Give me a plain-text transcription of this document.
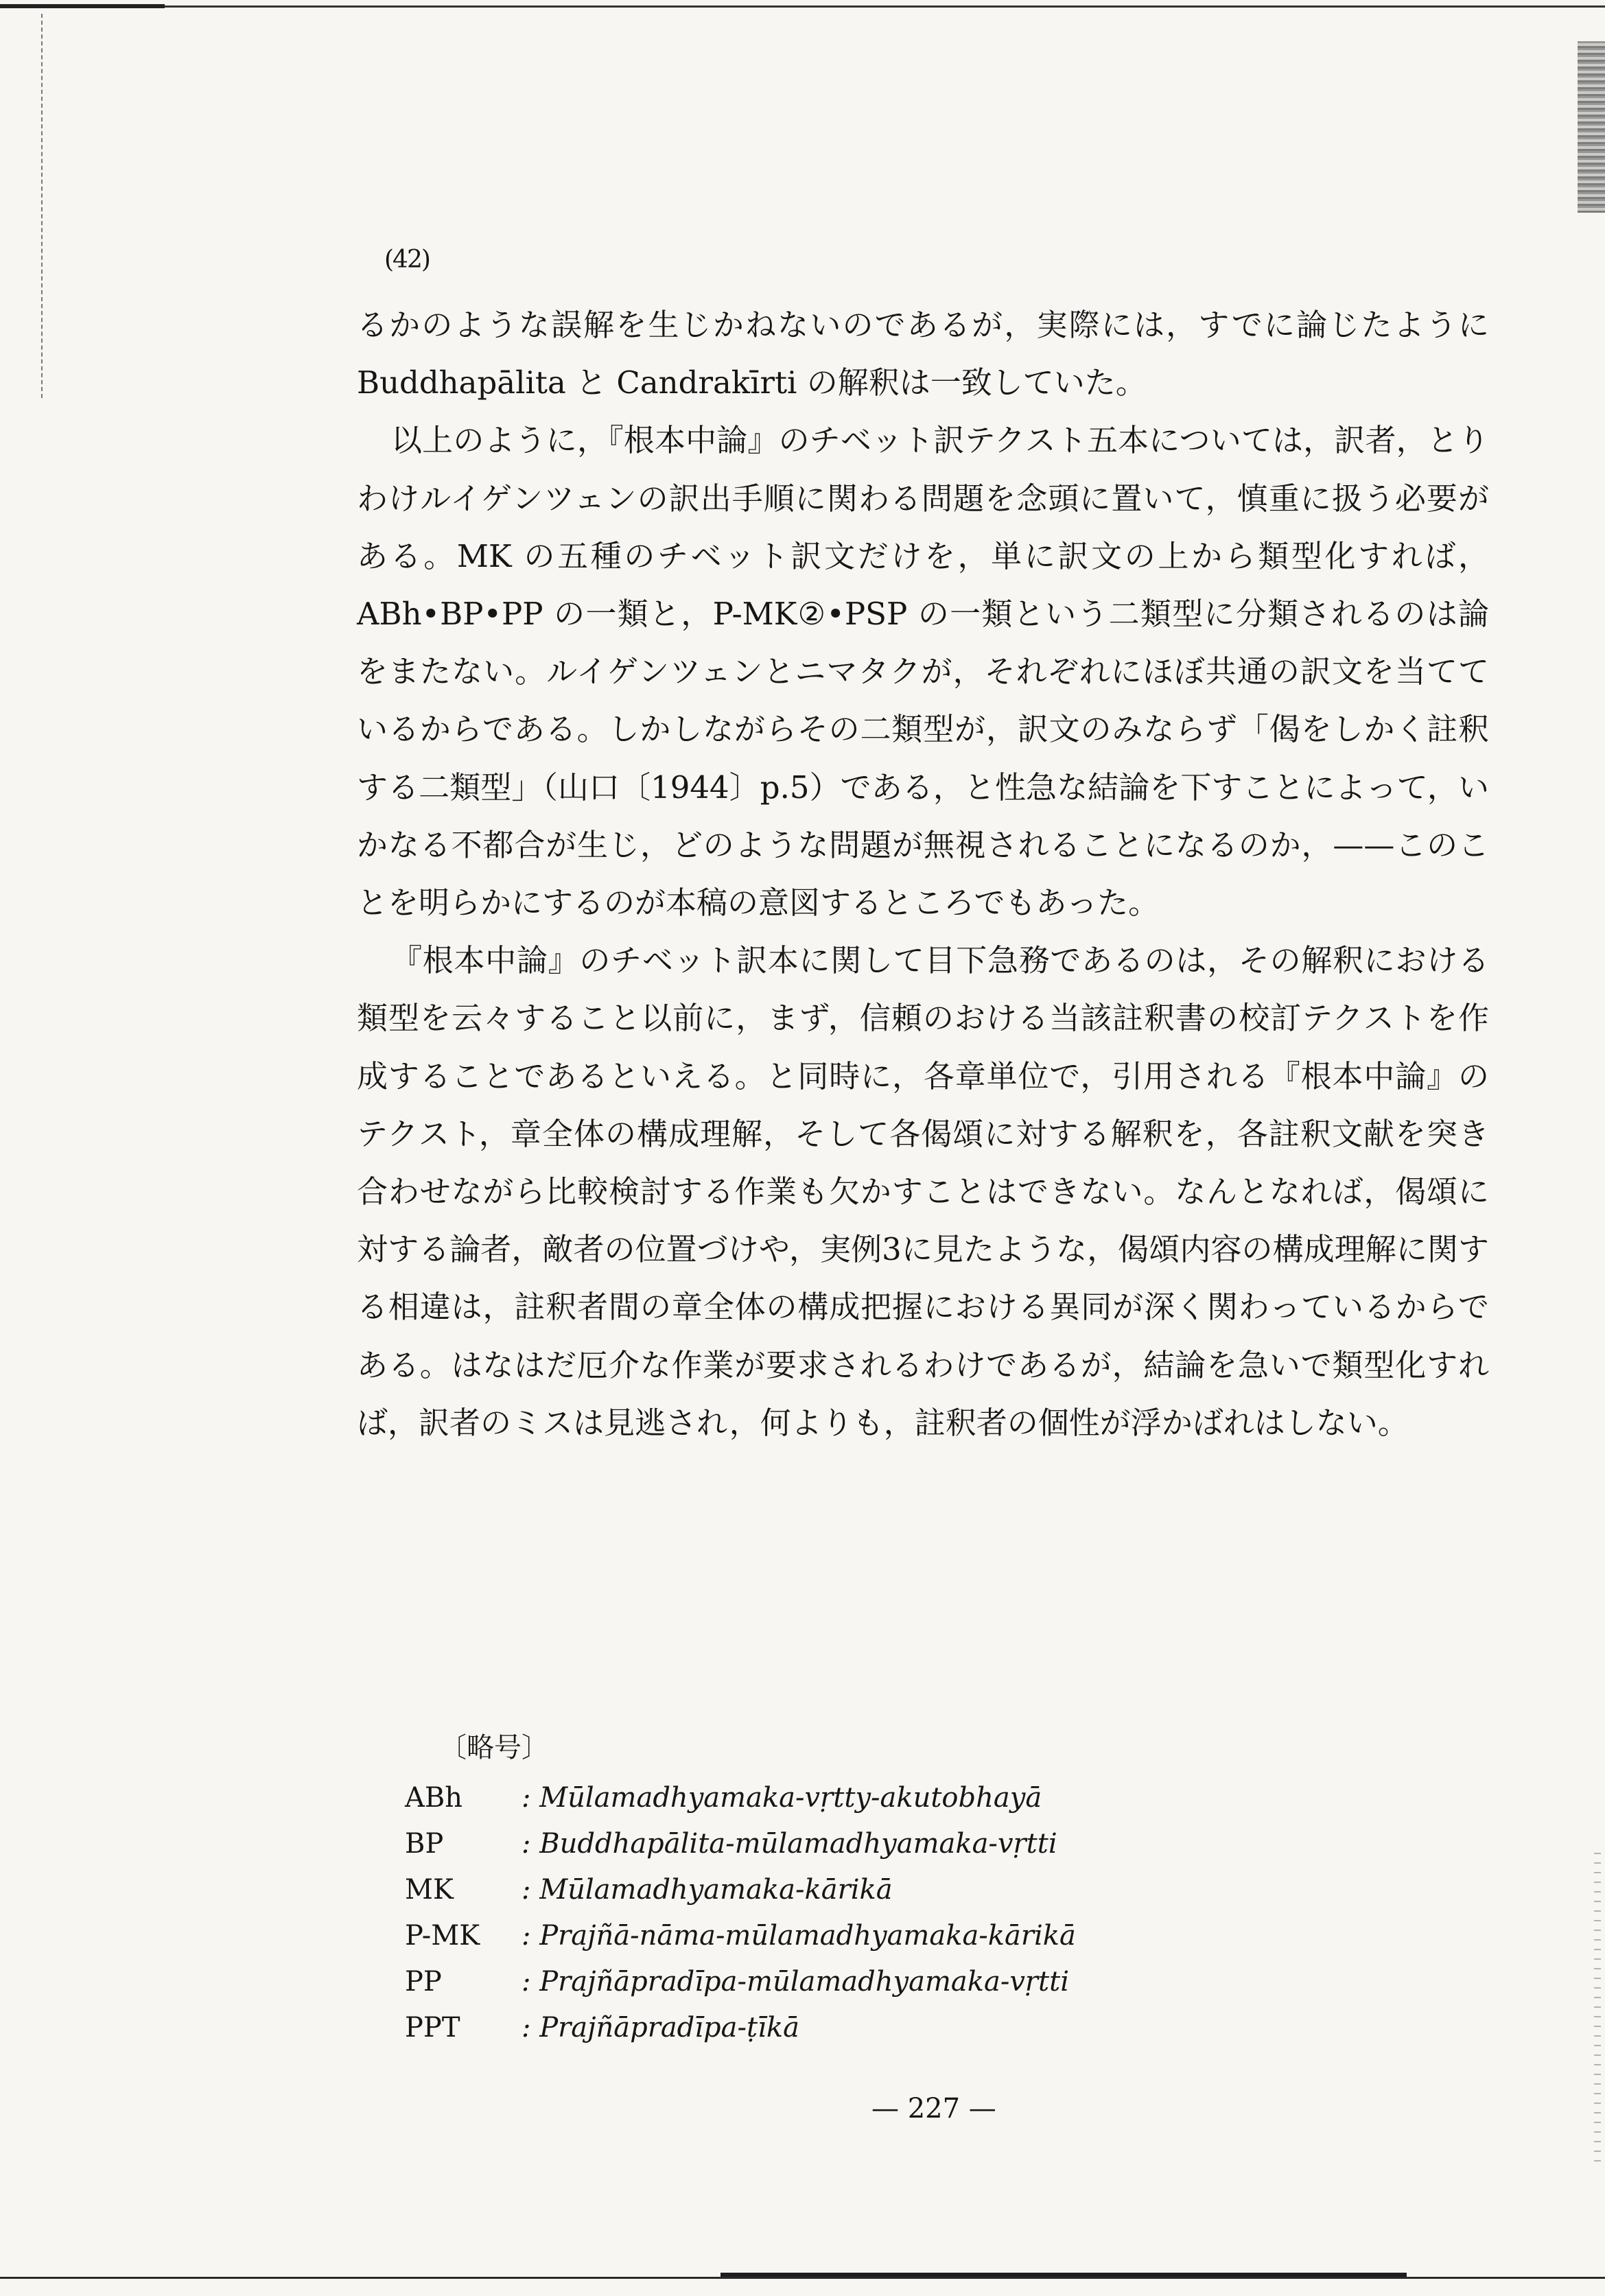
(42)

るかのような誤解を生じかねないのであるが，実際には，すでに論じたようにBuddhapālita と Candrakīrti の解釈は一致していた。

以上のように，『根本中論』のチベット訳テクスト五本については，訳者，とりわけルイゲンツェンの訳出手順に関わる問題を念頭に置いて，慎重に扱う必要がある。MK の五種のチベット訳文だけを，単に訳文の上から類型化すれば，ABh•BP•PP の一類と，P-MK②•PSP の一類という二類型に分類されるのは論をまたない。ルイゲンツェンとニマタクが，それぞれにほぼ共通の訳文を当てているからである。しかしながらその二類型が，訳文のみならず「偈をしかく註釈する二類型」（山口〔1944〕p.5）である，と性急な結論を下すことによって，いかなる不都合が生じ，どのような問題が無視されることになるのか，——このことを明らかにするのが本稿の意図するところでもあった。

『根本中論』のチベット訳本に関して目下急務であるのは，その解釈における類型を云々すること以前に，まず，信頼のおける当該註釈書の校訂テクストを作成することであるといえる。と同時に，各章単位で，引用される『根本中論』のテクスト，章全体の構成理解，そして各偈頌に対する解釈を，各註釈文献を突き合わせながら比較検討する作業も欠かすことはできない。なんとなれば，偈頌に対する論者，敵者の位置づけや，実例3に見たような，偈頌内容の構成理解に関する相違は，註釈者間の章全体の構成把握における異同が深く関わっているからである。はなはだ厄介な作業が要求されるわけであるが，結論を急いで類型化すれば，訳者のミスは見逃され，何よりも，註釈者の個性が浮かばれはしない。

〔略号〕
ABh	: Mūlamadhyamaka-vṛtty-akutobhayā
BP	: Buddhapālita-mūlamadhyamaka-vṛtti
MK	: Mūlamadhyamaka-kārikā
P-MK	: Prajñā-nāma-mūlamadhyamaka-kārikā
PP	: Prajñāpradīpa-mūlamadhyamaka-vṛtti
PPT	: Prajñāpradīpa-ṭīkā
— 227 —
